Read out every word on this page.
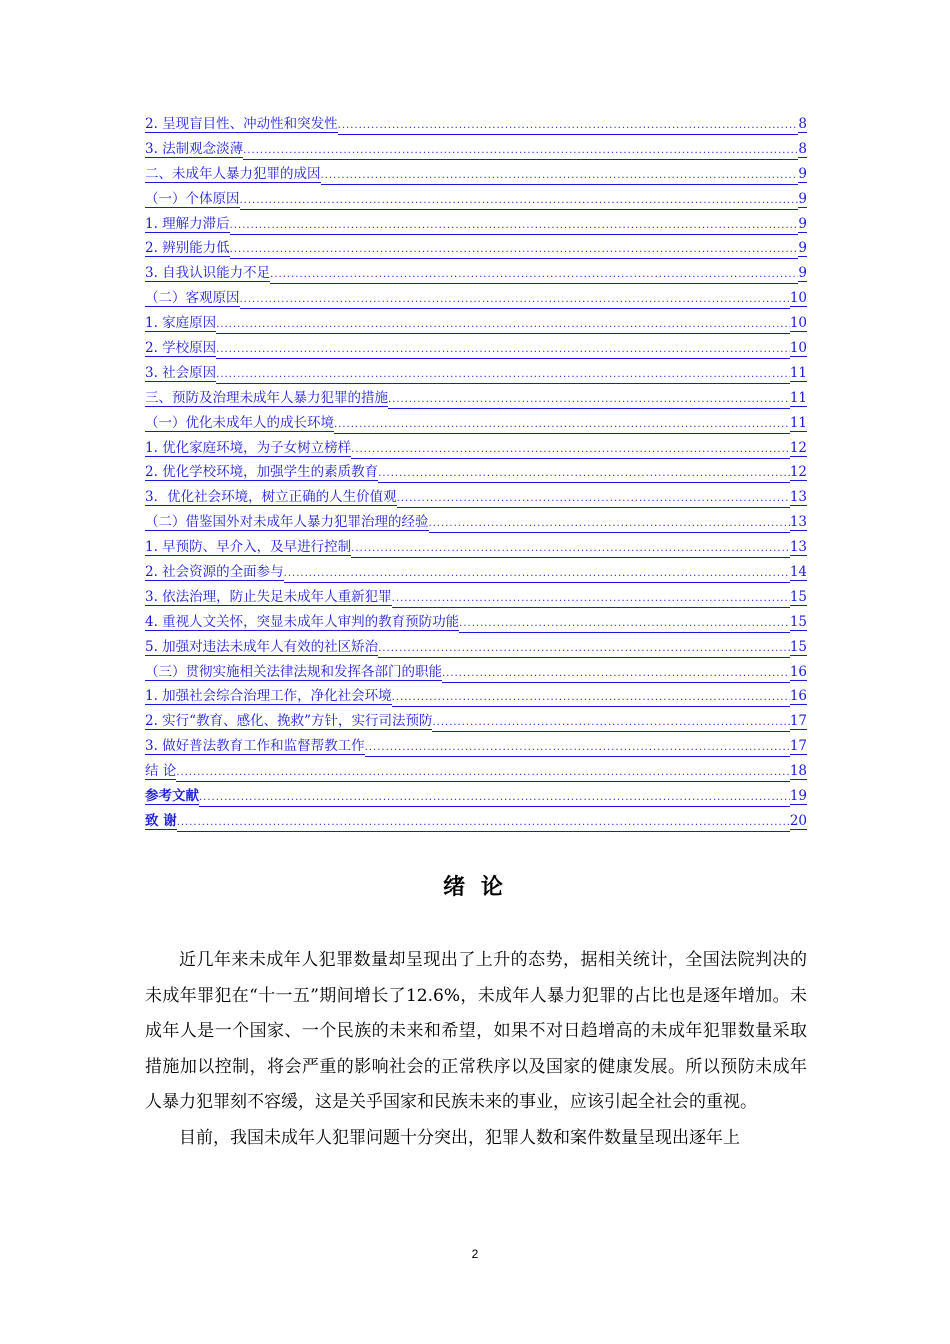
2. 呈现盲目性、冲动性和突发性 .....	8
3. 法制观念淡薄 .....	8
二、未成年人暴力犯罪的成因 .....	9
（一）个体原因 .....	9
1. 理解力滞后 .....	9
2. 辨别能力低 .....	9
3. 自我认识能力不足 .....	9
（二）客观原因 .....	10
1. 家庭原因 .....	10
2. 学校原因 .....	10
3. 社会原因 .....	11
三、预防及治理未成年人暴力犯罪的措施 .....	11
（一）优化未成年人的成长环境 .....	11
1. 优化家庭环境，为子女树立榜样 .....	12
2. 优化学校环境，加强学生的素质教育 .....	12
3．优化社会环境，树立正确的人生价值观 .....	13
（二）借鉴国外对未成年人暴力犯罪治理的经验 .....	13
1. 早预防、早介入，及早进行控制 .....	13
2. 社会资源的全面参与 .....	14
3. 依法治理，防止失足未成年人重新犯罪 .....	15
4. 重视人文关怀，突显未成年人审判的教育预防功能 .....	15
5. 加强对违法未成年人有效的社区矫治 .....	15
（三）贯彻实施相关法律法规和发挥各部门的职能 .....	16
1. 加强社会综合治理工作，净化社会环境 .....	16
2. 实行“教育、感化、挽救”方针，实行司法预防 .....	17
3. 做好普法教育工作和监督帮教工作 .....	17
结 论 .....	18
参考文献 .....	19
致 谢 .....	20
绪 论

近几年来未成年人犯罪数量却呈现出了上升的态势，据相关统计，全国法院判决的未成年罪犯在“十一五”期间增长了12.6%，未成年人暴力犯罪的占比也是逐年增加。未成年人是一个国家、一个民族的未来和希望，如果不对日趋增高的未成年犯罪数量采取措施加以控制，将会严重的影响社会的正常秩序以及国家的健康发展。所以预防未成年人暴力犯罪刻不容缓，这是关乎国家和民族未来的事业，应该引起全社会的重视。

目前，我国未成年人犯罪问题十分突出，犯罪人数和案件数量呈现出逐年上

2
